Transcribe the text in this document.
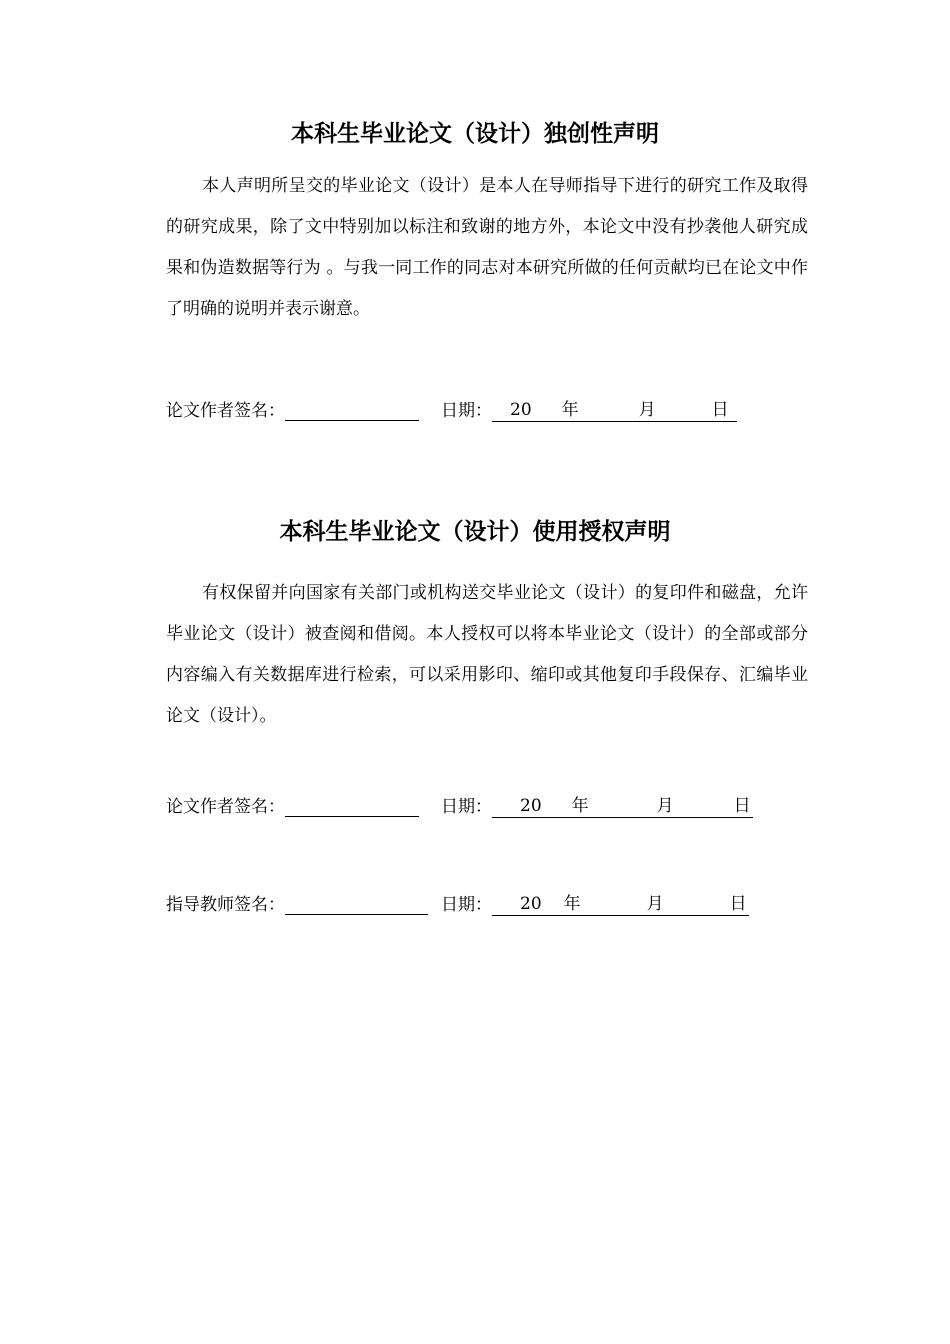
本科生毕业论文（设计）独创性声明

本人声明所呈交的毕业论文（设计）是本人在导师指导下进行的研究工作及取得的研究成果，除了文中特别加以标注和致谢的地方外，本论文中没有抄袭他人研究成果和伪造数据等行为 。与我一同工作的同志对本研究所做的任何贡献均已在论文中作了明确的说明并表示谢意。

论文作者签名：	日期： 20 年	月	日
本科生毕业论文（设计）使用授权声明

有权保留并向国家有关部门或机构送交毕业论文（设计）的复印件和磁盘，允许毕业论文（设计）被查阅和借阅。本人授权可以将本毕业论文（设计）的全部或部分内容编入有关数据库进行检索，可以采用影印、缩印或其他复印手段保存、汇编毕业论文（设计）。

论文作者签名：	日期： 20 年	月	日
指导教师签名：	日期： 20 年	月	日
